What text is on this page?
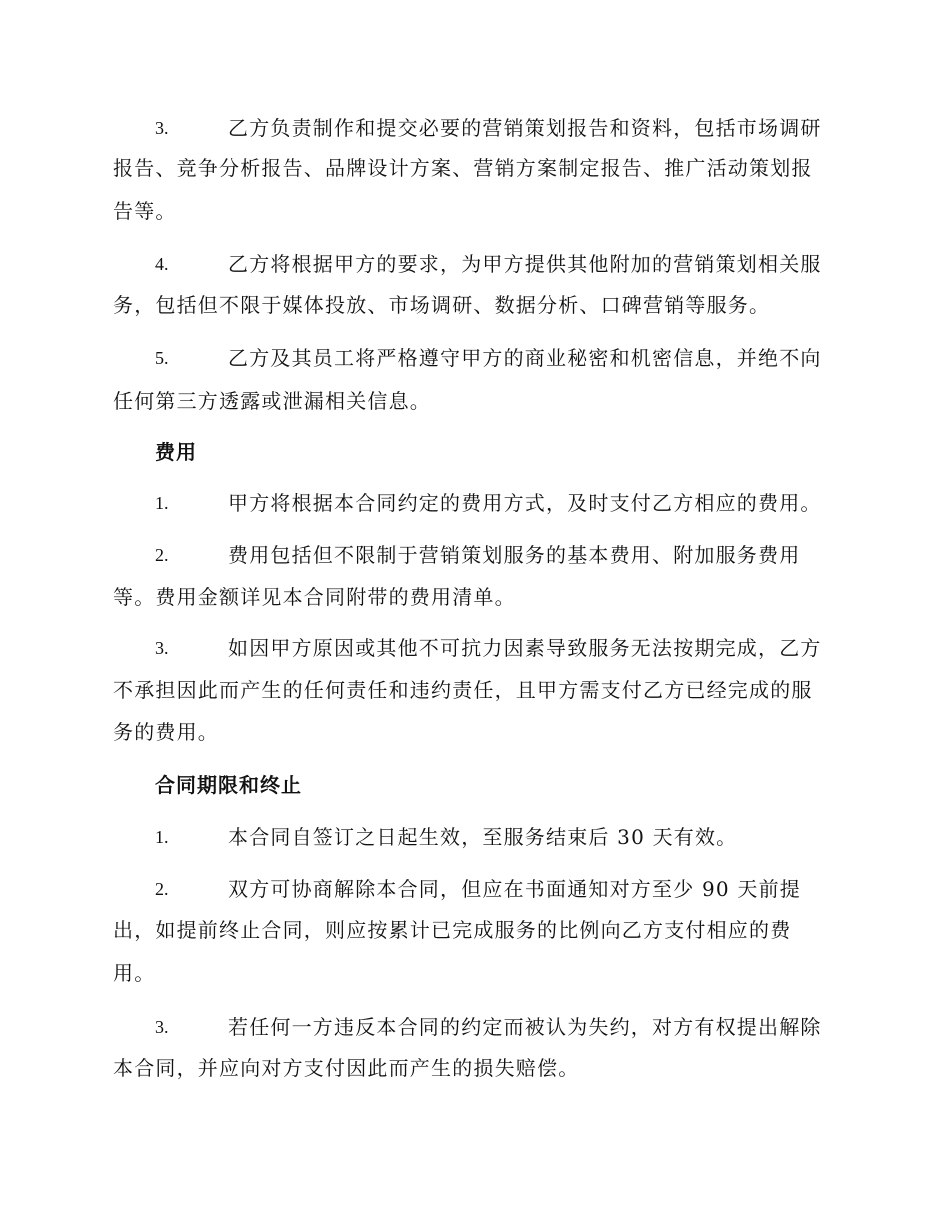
3.	乙方负责制作和提交必要的营销策划报告和资料，包括市场调研
报告、竞争分析报告、品牌设计方案、营销方案制定报告、推广活动策划报
告等。
4.	乙方将根据甲方的要求，为甲方提供其他附加的营销策划相关服
务，包括但不限于媒体投放、市场调研、数据分析、口碑营销等服务。
5.	乙方及其员工将严格遵守甲方的商业秘密和机密信息，并绝不向
任何第三方透露或泄漏相关信息。
费用
1.	甲方将根据本合同约定的费用方式，及时支付乙方相应的费用。
2.	费用包括但不限制于营销策划服务的基本费用、附加服务费用
等。费用金额详见本合同附带的费用清单。
3.	如因甲方原因或其他不可抗力因素导致服务无法按期完成，乙方
不承担因此而产生的任何责任和违约责任，且甲方需支付乙方已经完成的服
务的费用。
合同期限和终止
1.	本合同自签订之日起生效，至服务结束后 30 天有效。
2.	双方可协商解除本合同，但应在书面通知对方至少 90 天前提
出，如提前终止合同，则应按累计已完成服务的比例向乙方支付相应的费
用。
3.	若任何一方违反本合同的约定而被认为失约，对方有权提出解除
本合同，并应向对方支付因此而产生的损失赔偿。
